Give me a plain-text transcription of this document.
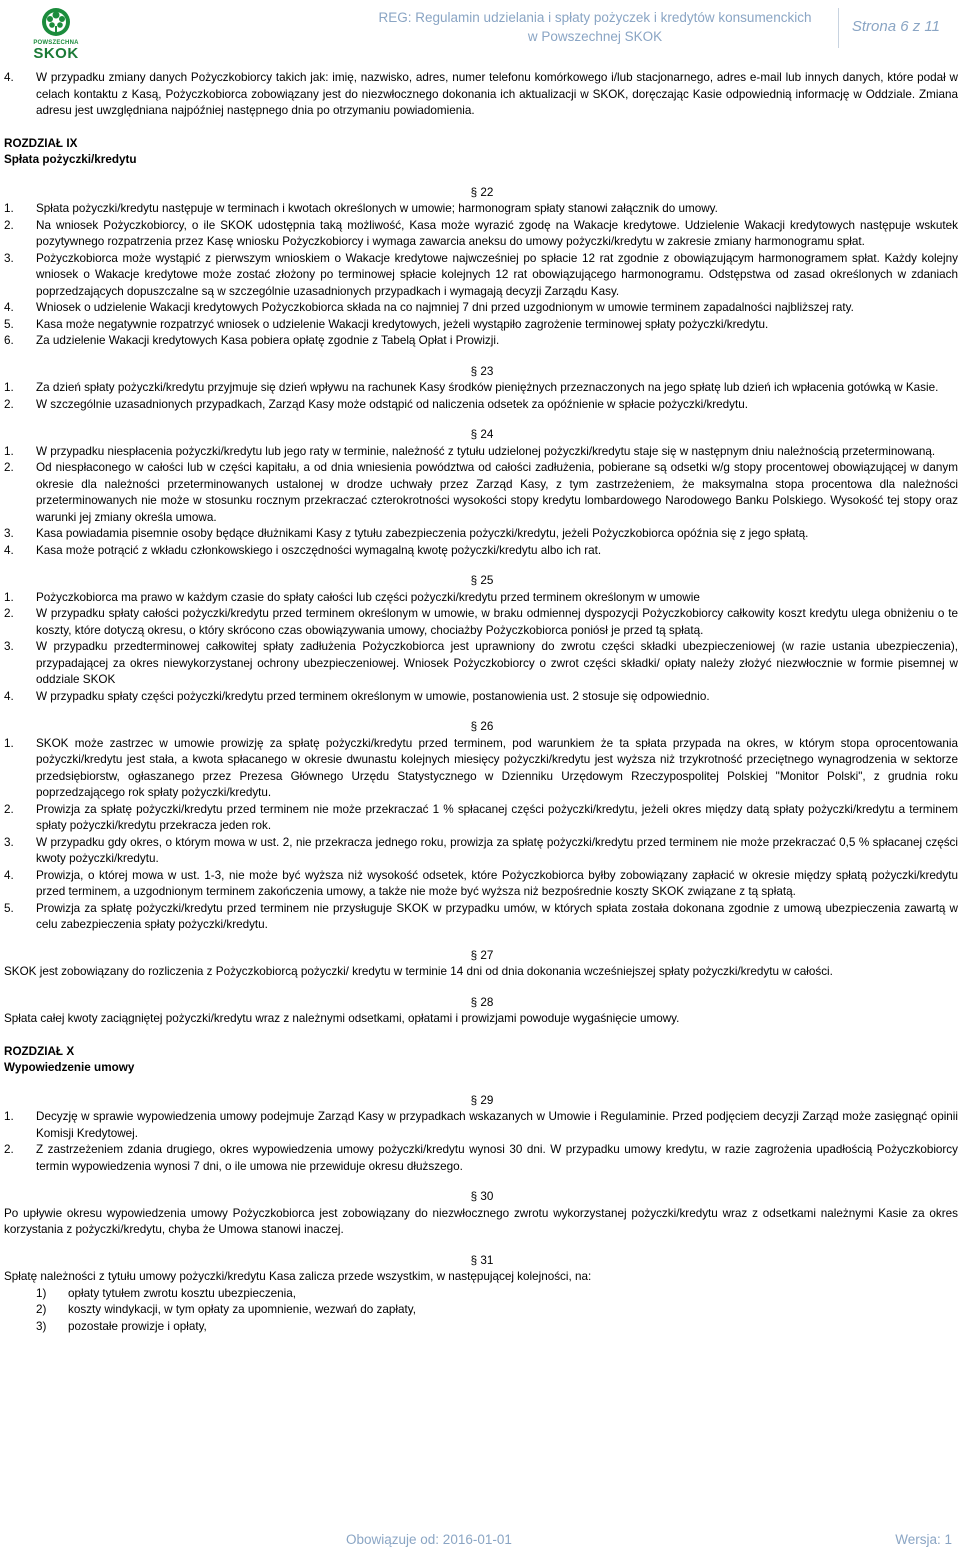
POWSZECHNA
SKOK
REG: Regulamin udzielania i spłaty pożyczek i kredytów konsumenckich
w Powszechnej SKOK
Strona 6 z 11
4.	W przypadku zmiany danych Pożyczkobiorcy takich jak: imię, nazwisko, adres, numer telefonu komórkowego i/lub stacjonarnego, adres e-mail lub innych danych, które podał w celach kontaktu z Kasą, Pożyczkobiorca zobowiązany jest do niezwłocznego dokonania ich aktualizacji w SKOK, doręczając Kasie odpowiednią informację w Oddziale. Zmiana adresu jest uwzględniana najpóźniej następnego dnia po otrzymaniu powiadomienia.
ROZDZIAŁ IX
Spłata pożyczki/kredytu
§ 22
1.	Spłata pożyczki/kredytu następuje w terminach i kwotach określonych w umowie; harmonogram spłaty stanowi załącznik do umowy.
2.	Na wniosek Pożyczkobiorcy, o ile SKOK udostępnia taką możliwość, Kasa może wyrazić zgodę na Wakacje kredytowe. Udzielenie Wakacji kredytowych następuje wskutek pozytywnego rozpatrzenia przez Kasę wniosku Pożyczkobiorcy i wymaga zawarcia aneksu do umowy pożyczki/kredytu w zakresie zmiany harmonogramu spłat.
3.	Pożyczkobiorca może wystąpić z pierwszym wnioskiem o Wakacje kredytowe najwcześniej po spłacie 12 rat zgodnie z obowiązującym harmonogramem spłat. Każdy kolejny wniosek o Wakacje kredytowe może zostać złożony po terminowej spłacie kolejnych 12 rat obowiązującego harmonogramu. Odstępstwa od zasad określonych w zdaniach poprzedzających dopuszczalne są w szczególnie uzasadnionych przypadkach i wymagają decyzji Zarządu Kasy.
4.	Wniosek o udzielenie Wakacji kredytowych Pożyczkobiorca składa na co najmniej 7 dni przed uzgodnionym w umowie terminem zapadalności najbliższej raty.
5.	Kasa może negatywnie rozpatrzyć wniosek o udzielenie Wakacji kredytowych, jeżeli wystąpiło zagrożenie terminowej spłaty pożyczki/kredytu.
6.	Za udzielenie Wakacji kredytowych Kasa pobiera opłatę zgodnie z Tabelą Opłat i Prowizji.
§ 23
1.	Za dzień spłaty pożyczki/kredytu przyjmuje się dzień wpływu na rachunek Kasy środków pieniężnych przeznaczonych na jego spłatę lub dzień ich wpłacenia gotówką w Kasie.
2.	W szczególnie uzasadnionych przypadkach, Zarząd Kasy może odstąpić od naliczenia odsetek za opóźnienie w spłacie pożyczki/kredytu.
§ 24
1.	W przypadku niespłacenia pożyczki/kredytu lub jego raty w terminie, należność z tytułu udzielonej pożyczki/kredytu staje się w następnym dniu należnością przeterminowaną.
2.	Od niespłaconego w całości lub w części kapitału, a od dnia wniesienia powództwa od całości zadłużenia, pobierane są odsetki w/g stopy procentowej obowiązującej w danym okresie dla należności przeterminowanych ustalonej w drodze uchwały przez Zarząd Kasy, z tym zastrzeżeniem, że maksymalna stopa procentowa dla należności przeterminowanych nie może w stosunku rocznym przekraczać czterokrotności wysokości stopy kredytu lombardowego Narodowego Banku Polskiego. Wysokość tej stopy oraz warunki jej zmiany określa umowa.
3.	Kasa powiadamia pisemnie osoby będące dłużnikami Kasy z tytułu zabezpieczenia pożyczki/kredytu, jeżeli Pożyczkobiorca opóźnia się z jego spłatą.
4.	Kasa może potrącić z wkładu członkowskiego i oszczędności wymagalną kwotę pożyczki/kredytu albo ich rat.
§ 25
1.	Pożyczkobiorca ma prawo w każdym czasie do spłaty całości lub części pożyczki/kredytu przed terminem określonym w umowie
2.	W przypadku spłaty całości pożyczki/kredytu przed terminem określonym w umowie, w braku odmiennej dyspozycji Pożyczkobiorcy całkowity koszt kredytu ulega obniżeniu o te koszty, które dotyczą okresu, o który skrócono czas obowiązywania umowy, chociażby Pożyczkobiorca poniósł je przed tą spłatą.
3.	W przypadku przedterminowej całkowitej spłaty zadłużenia Pożyczkobiorca jest uprawniony do zwrotu części składki ubezpieczeniowej (w razie ustania ubezpieczenia), przypadającej za okres niewykorzystanej ochrony ubezpieczeniowej. Wniosek Pożyczkobiorcy o zwrot części składki/ opłaty należy złożyć niezwłocznie w formie pisemnej w oddziale SKOK
4.	W przypadku spłaty części pożyczki/kredytu przed terminem określonym w umowie, postanowienia ust. 2 stosuje się odpowiednio.
§ 26
1.	SKOK może zastrzec w umowie prowizję za spłatę pożyczki/kredytu przed terminem, pod warunkiem że ta spłata przypada na okres, w którym stopa oprocentowania pożyczki/kredytu jest stała, a kwota spłacanego w okresie dwunastu kolejnych miesięcy pożyczki/kredytu jest wyższa niż trzykrotność przeciętnego wynagrodzenia w sektorze przedsiębiorstw, ogłaszanego przez Prezesa Głównego Urzędu Statystycznego w Dzienniku Urzędowym Rzeczypospolitej Polskiej "Monitor Polski", z grudnia roku poprzedzającego rok spłaty pożyczki/kredytu.
2.	Prowizja za spłatę pożyczki/kredytu przed terminem nie może przekraczać 1 % spłacanej części pożyczki/kredytu, jeżeli okres między datą spłaty pożyczki/kredytu a terminem spłaty pożyczki/kredytu przekracza jeden rok.
3.	W przypadku gdy okres, o którym mowa w ust. 2, nie przekracza jednego roku, prowizja za spłatę pożyczki/kredytu przed terminem nie może przekraczać 0,5 % spłacanej części kwoty pożyczki/kredytu.
4.	Prowizja, o której mowa w ust. 1-3, nie może być wyższa niż wysokość odsetek, które Pożyczkobiorca byłby zobowiązany zapłacić w okresie między spłatą pożyczki/kredytu przed terminem, a uzgodnionym terminem zakończenia umowy, a także nie może być wyższa niż bezpośrednie koszty SKOK związane z tą spłatą.
5.	Prowizja za spłatę pożyczki/kredytu przed terminem nie przysługuje SKOK w przypadku umów, w których spłata została dokonana zgodnie z umową ubezpieczenia zawartą w celu zabezpieczenia spłaty pożyczki/kredytu.
§ 27
SKOK jest zobowiązany do rozliczenia z Pożyczkobiorcą pożyczki/ kredytu w terminie 14 dni od dnia dokonania wcześniejszej spłaty pożyczki/kredytu w całości.
§ 28
Spłata całej kwoty zaciągniętej pożyczki/kredytu wraz z należnymi odsetkami, opłatami i prowizjami powoduje wygaśnięcie umowy.
ROZDZIAŁ X
Wypowiedzenie umowy
§ 29
1.	Decyzję w sprawie wypowiedzenia umowy podejmuje Zarząd Kasy w przypadkach wskazanych w Umowie i Regulaminie. Przed podjęciem decyzji Zarząd może zasięgnąć opinii Komisji Kredytowej.
2.	Z zastrzeżeniem zdania drugiego, okres wypowiedzenia umowy pożyczki/kredytu wynosi 30 dni. W przypadku umowy kredytu, w razie zagrożenia upadłością Pożyczkobiorcy termin wypowiedzenia wynosi 7 dni, o ile umowa nie przewiduje okresu dłuższego.
§ 30
Po upływie okresu wypowiedzenia umowy Pożyczkobiorca jest zobowiązany do niezwłocznego zwrotu wykorzystanej pożyczki/kredytu wraz z odsetkami należnymi Kasie za okres korzystania z pożyczki/kredytu, chyba że Umowa stanowi inaczej.
§ 31
Spłatę należności z tytułu umowy pożyczki/kredytu Kasa zalicza przede wszystkim, w następującej kolejności, na:
1)	opłaty tytułem zwrotu kosztu ubezpieczenia,
2)	koszty windykacji, w tym opłaty za upomnienie, wezwań do zapłaty,
3)	pozostałe prowizje i opłaty,
Obowiązuje od: 2016-01-01	Wersja: 1
